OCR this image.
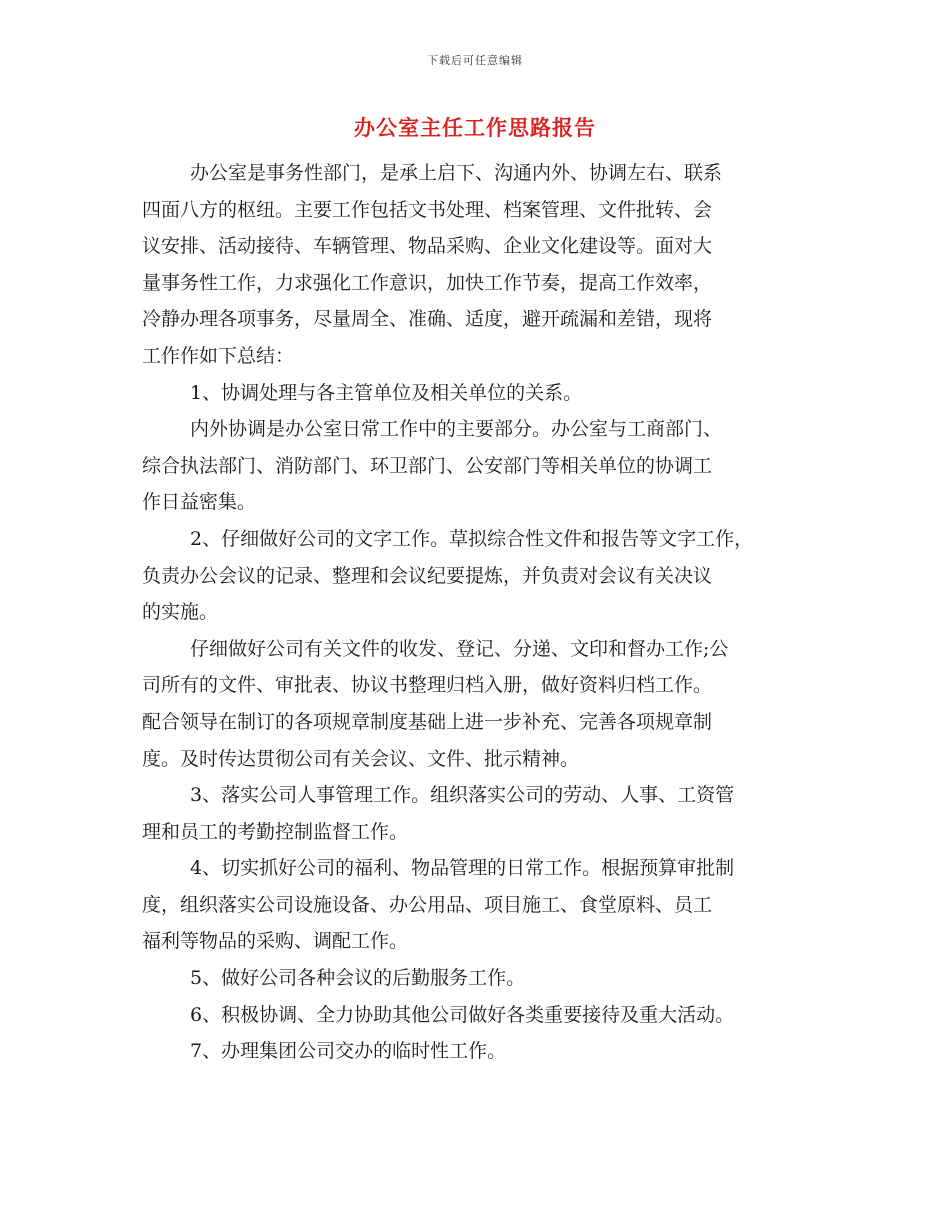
下载后可任意编辑
办公室主任工作思路报告
办公室是事务性部门，是承上启下、沟通内外、协调左右、联系
四面八方的枢纽。主要工作包括文书处理、档案管理、文件批转、会
议安排、活动接待、车辆管理、物品采购、企业文化建设等。面对大
量事务性工作，力求强化工作意识，加快工作节奏，提高工作效率，
冷静办理各项事务，尽量周全、准确、适度，避开疏漏和差错，现将
工作作如下总结：
1、协调处理与各主管单位及相关单位的关系。
内外协调是办公室日常工作中的主要部分。办公室与工商部门、
综合执法部门、消防部门、环卫部门、公安部门等相关单位的协调工
作日益密集。
2、仔细做好公司的文字工作。草拟综合性文件和报告等文字工作，
负责办公会议的记录、整理和会议纪要提炼，并负责对会议有关决议
的实施。
仔细做好公司有关文件的收发、登记、分递、文印和督办工作;公
司所有的文件、审批表、协议书整理归档入册，做好资料归档工作。
配合领导在制订的各项规章制度基础上进一步补充、完善各项规章制
度。及时传达贯彻公司有关会议、文件、批示精神。
3、落实公司人事管理工作。组织落实公司的劳动、人事、工资管
理和员工的考勤控制监督工作。
4、切实抓好公司的福利、物品管理的日常工作。根据预算审批制
度，组织落实公司设施设备、办公用品、项目施工、食堂原料、员工
福利等物品的采购、调配工作。
5、做好公司各种会议的后勤服务工作。
6、积极协调、全力协助其他公司做好各类重要接待及重大活动。
7、办理集团公司交办的临时性工作。
